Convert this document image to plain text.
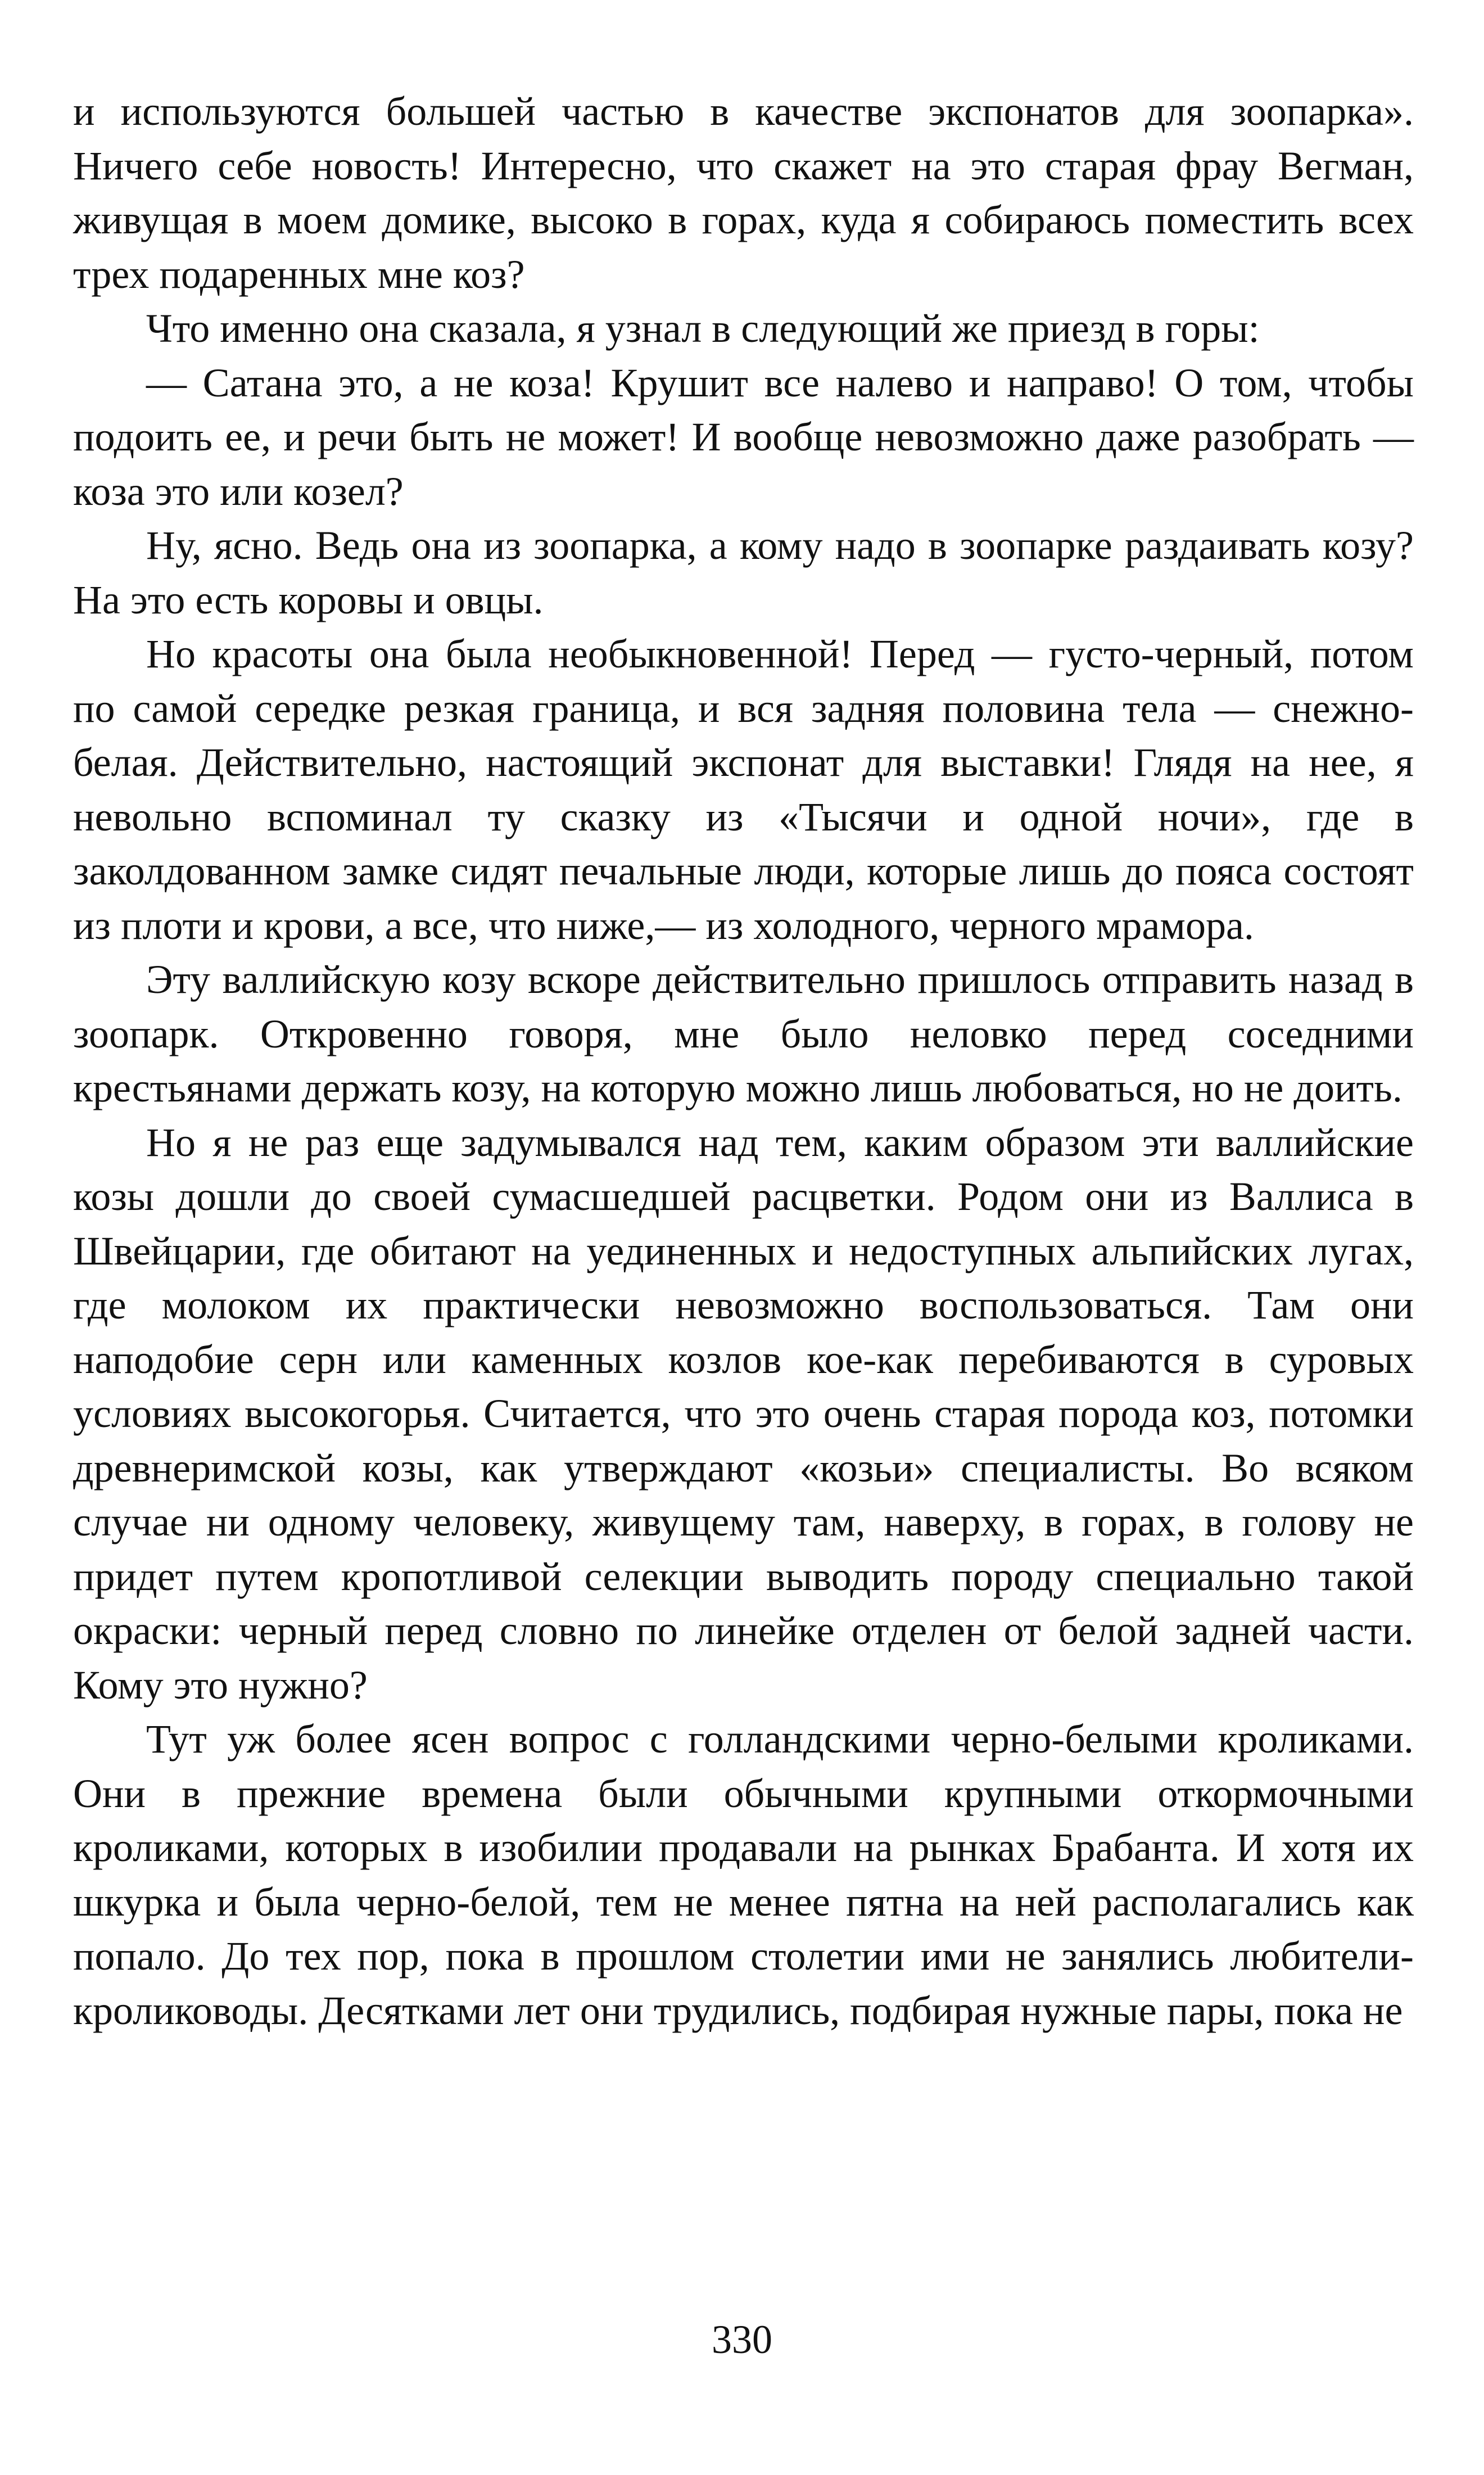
и используются большей частью в качестве экспонатов для зоопарка». Ничего себе новость! Интересно, что скажет на это старая фрау Вегман, живущая в моем домике, высоко в горах, куда я собираюсь поместить всех трех подаренных мне коз?

Что именно она сказала, я узнал в следующий же приезд в горы:

— Сатана это, а не коза! Крушит все налево и направо! О том, чтобы подоить ее, и речи быть не может! И вообще невозможно даже разобрать — коза это или козел?

Ну, ясно. Ведь она из зоопарка, а кому надо в зоопарке раздаивать козу? На это есть коровы и овцы.

Но красоты она была необыкновенной! Перед — густо-черный, потом по самой середке резкая граница, и вся задняя половина тела — снежно-белая. Действительно, настоящий экспонат для выставки! Глядя на нее, я невольно вспоминал ту сказку из «Тысячи и одной ночи», где в заколдованном замке сидят печальные люди, которые лишь до пояса состоят из плоти и крови, а все, что ниже,— из холодного, черного мрамора.

Эту валлийскую козу вскоре действительно пришлось отправить назад в зоопарк. Откровенно говоря, мне было неловко перед соседними крестьянами держать козу, на которую можно лишь любоваться, но не доить.

Но я не раз еще задумывался над тем, каким образом эти валлийские козы дошли до своей сумасшедшей расцветки. Родом они из Валлиса в Швейцарии, где обитают на уединенных и недоступных альпийских лугах, где молоком их практически невозможно воспользоваться. Там они наподобие серн или каменных козлов кое-как перебиваются в суровых условиях высокогорья. Считается, что это очень старая порода коз, потомки древнеримской козы, как утверждают «козьи» специалисты. Во всяком случае ни одному человеку, живущему там, наверху, в горах, в голову не придет путем кропотливой селекции выводить породу специально такой окраски: черный перед словно по линейке отделен от белой задней части. Кому это нужно?

Тут уж более ясен вопрос с голландскими черно-белыми кроликами. Они в прежние времена были обычными крупными откормочными кроликами, которых в изобилии продавали на рынках Брабанта. И хотя их шкурка и была черно-белой, тем не менее пятна на ней располагались как попало. До тех пор, пока в прошлом столетии ими не занялись любители-кролиководы. Десятками лет они трудились, подбирая нужные пары, пока не

330
